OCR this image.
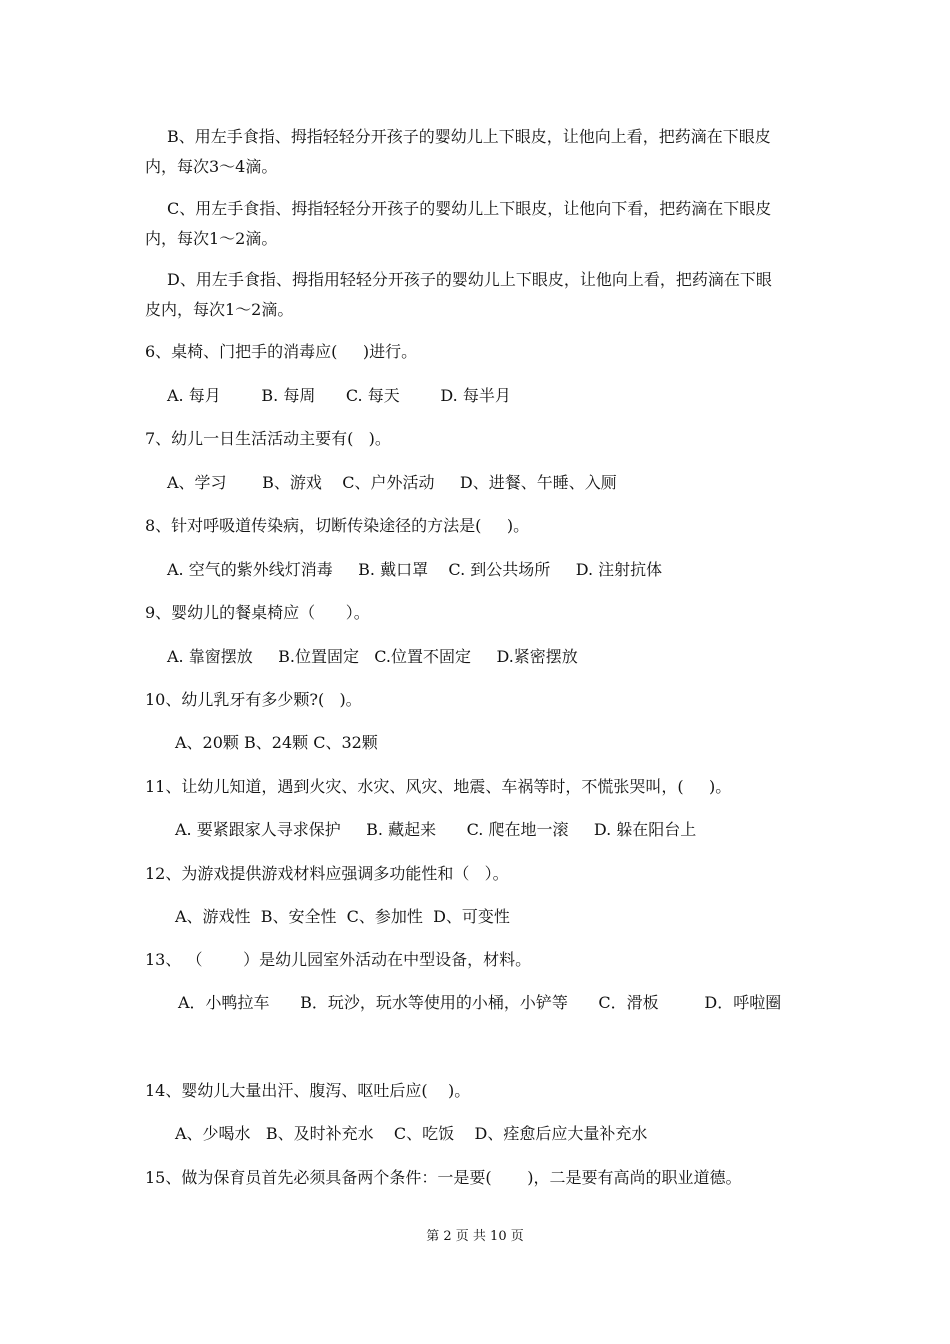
B、用左手食指、拇指轻轻分开孩子的婴幼儿上下眼皮，让他向上看，把药滴在下眼皮
内，每次3～4滴。
C、用左手食指、拇指轻轻分开孩子的婴幼儿上下眼皮，让他向下看，把药滴在下眼皮
内，每次1～2滴。
D、用左手食指、拇指用轻轻分开孩子的婴幼儿上下眼皮，让他向上看，把药滴在下眼
皮内，每次1～2滴。
6、桌椅、门把手的消毒应(     )进行。
A. 每月        B. 每周      C. 每天        D. 每半月
7、幼儿一日生活活动主要有(   )。
A、学习       B、游戏    C、户外活动     D、进餐、午睡、入厕
8、针对呼吸道传染病，切断传染途径的方法是(     )。
A. 空气的紫外线灯消毒     B. 戴口罩    C. 到公共场所     D. 注射抗体
9、婴幼儿的餐桌椅应（      ）。
A. 靠窗摆放     B.位置固定   C.位置不固定     D.紧密摆放
10、幼儿乳牙有多少颗?(   )。
A、20颗 B、24颗 C、32颗
11、让幼儿知道，遇到火灾、水灾、风灾、地震、车祸等时，不慌张哭叫，(     )。
A. 要紧跟家人寻求保护     B. 藏起来      C. 爬在地一滚     D. 躲在阳台上
12、为游戏提供游戏材料应强调多功能性和（   ）。
A、游戏性  B、安全性  C、参加性  D、可变性
13、 （        ）是幼儿园室外活动在中型设备，材料。
A．小鸭拉车      B．玩沙，玩水等使用的小桶，小铲等      C．滑板         D．呼啦圈
14、婴幼儿大量出汗、腹泻、呕吐后应(    )。
A、少喝水   B、及时补充水    C、吃饭    D、痊愈后应大量补充水
15、做为保育员首先必须具备两个条件：一是要(       )，二是要有高尚的职业道德。
第 2 页 共 10 页
